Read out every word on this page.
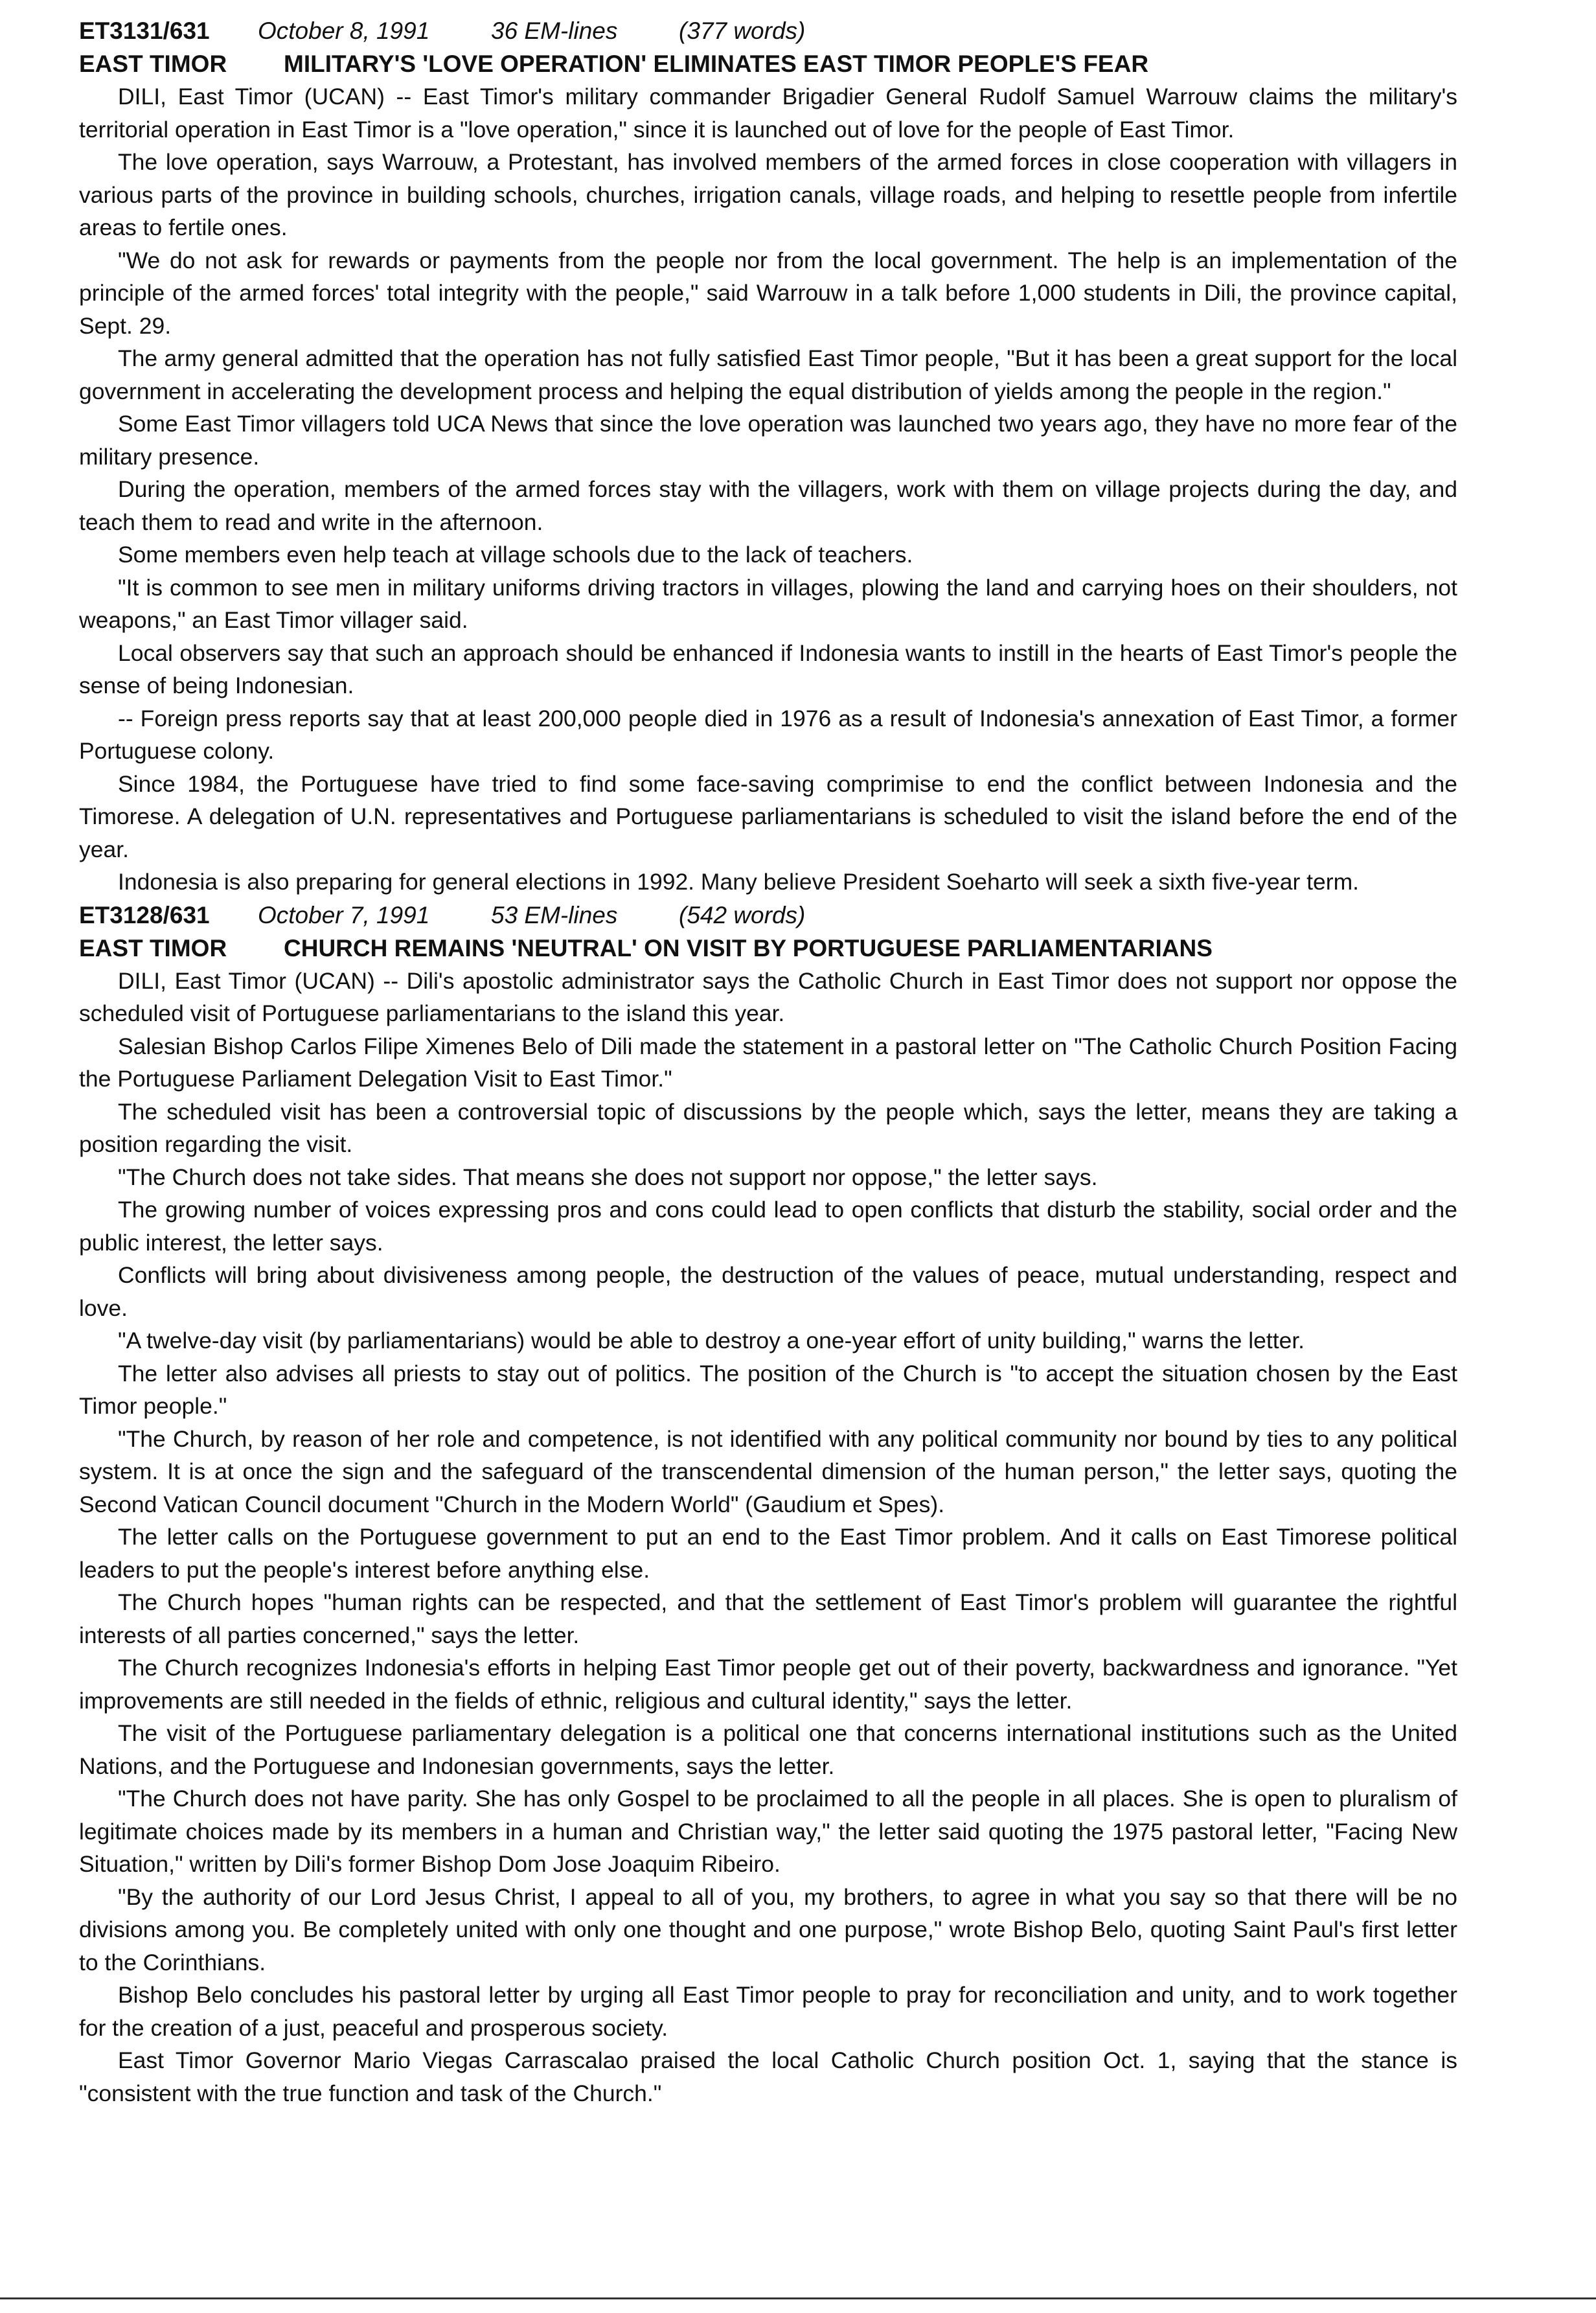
ET3131/631 October 8, 1991	36 EM-lines	(377 words)
EAST TIMOR MILITARY'S 'LOVE OPERATION' ELIMINATES EAST TIMOR PEOPLE'S FEAR

DILI, East Timor (UCAN) -- East Timor's military commander Brigadier General Rudolf Samuel Warrouw claims the military's territorial operation in East Timor is a "love operation," since it is launched out of love for the people of East Timor.

The love operation, says Warrouw, a Protestant, has involved members of the armed forces in close cooperation with villagers in various parts of the province in building schools, churches, irrigation canals, village roads, and helping to resettle people from infertile areas to fertile ones.

"We do not ask for rewards or payments from the people nor from the local government. The help is an implementation of the principle of the armed forces' total integrity with the people," said Warrouw in a talk before 1,000 students in Dili, the province capital, Sept. 29.

The army general admitted that the operation has not fully satisfied East Timor people, "But it has been a great support for the local government in accelerating the development process and helping the equal distribution of yields among the people in the region."

Some East Timor villagers told UCA News that since the love operation was launched two years ago, they have no more fear of the military presence.

During the operation, members of the armed forces stay with the villagers, work with them on village projects during the day, and teach them to read and write in the afternoon.

Some members even help teach at village schools due to the lack of teachers.

"It is common to see men in military uniforms driving tractors in villages, plowing the land and carrying hoes on their shoulders, not weapons," an East Timor villager said.

Local observers say that such an approach should be enhanced if Indonesia wants to instill in the hearts of East Timor's people the sense of being Indonesian.

-- Foreign press reports say that at least 200,000 people died in 1976 as a result of Indonesia's annexation of East Timor, a former Portuguese colony.

Since 1984, the Portuguese have tried to find some face-saving comprimise to end the conflict between Indonesia and the Timorese. A delegation of U.N. representatives and Portuguese parliamentarians is scheduled to visit the island before the end of the year.

Indonesia is also preparing for general elections in 1992. Many believe President Soeharto will seek a sixth five-year term.

ET3128/631 October 7, 1991	53 EM-lines	(542 words)
EAST TIMOR CHURCH REMAINS 'NEUTRAL' ON VISIT BY PORTUGUESE PARLIAMENTARIANS

DILI, East Timor (UCAN) -- Dili's apostolic administrator says the Catholic Church in East Timor does not support nor oppose the scheduled visit of Portuguese parliamentarians to the island this year.

Salesian Bishop Carlos Filipe Ximenes Belo of Dili made the statement in a pastoral letter on "The Catholic Church Position Facing the Portuguese Parliament Delegation Visit to East Timor."

The scheduled visit has been a controversial topic of discussions by the people which, says the letter, means they are taking a position regarding the visit.

"The Church does not take sides. That means she does not support nor oppose," the letter says.

The growing number of voices expressing pros and cons could lead to open conflicts that disturb the stability, social order and the public interest, the letter says.

Conflicts will bring about divisiveness among people, the destruction of the values of peace, mutual understanding, respect and love.

"A twelve-day visit (by parliamentarians) would be able to destroy a one-year effort of unity building," warns the letter.

The letter also advises all priests to stay out of politics. The position of the Church is "to accept the situation chosen by the East Timor people."

"The Church, by reason of her role and competence, is not identified with any political community nor bound by ties to any political system. It is at once the sign and the safeguard of the transcendental dimension of the human person," the letter says, quoting the Second Vatican Council document "Church in the Modern World" (Gaudium et Spes).

The letter calls on the Portuguese government to put an end to the East Timor problem. And it calls on East Timorese political leaders to put the people's interest before anything else.

The Church hopes "human rights can be respected, and that the settlement of East Timor's problem will guarantee the rightful interests of all parties concerned," says the letter.

The Church recognizes Indonesia's efforts in helping East Timor people get out of their poverty, backwardness and ignorance. "Yet improvements are still needed in the fields of ethnic, religious and cultural identity," says the letter.

The visit of the Portuguese parliamentary delegation is a political one that concerns international institutions such as the United Nations, and the Portuguese and Indonesian governments, says the letter.

"The Church does not have parity. She has only Gospel to be proclaimed to all the people in all places. She is open to pluralism of legitimate choices made by its members in a human and Christian way," the letter said quoting the 1975 pastoral letter, "Facing New Situation," written by Dili's former Bishop Dom Jose Joaquim Ribeiro.

"By the authority of our Lord Jesus Christ, I appeal to all of you, my brothers, to agree in what you say so that there will be no divisions among you. Be completely united with only one thought and one purpose," wrote Bishop Belo, quoting Saint Paul's first letter to the Corinthians.

Bishop Belo concludes his pastoral letter by urging all East Timor people to pray for reconciliation and unity, and to work together for the creation of a just, peaceful and prosperous society.

East Timor Governor Mario Viegas Carrascalao praised the local Catholic Church position Oct. 1, saying that the stance is "consistent with the true function and task of the Church."
